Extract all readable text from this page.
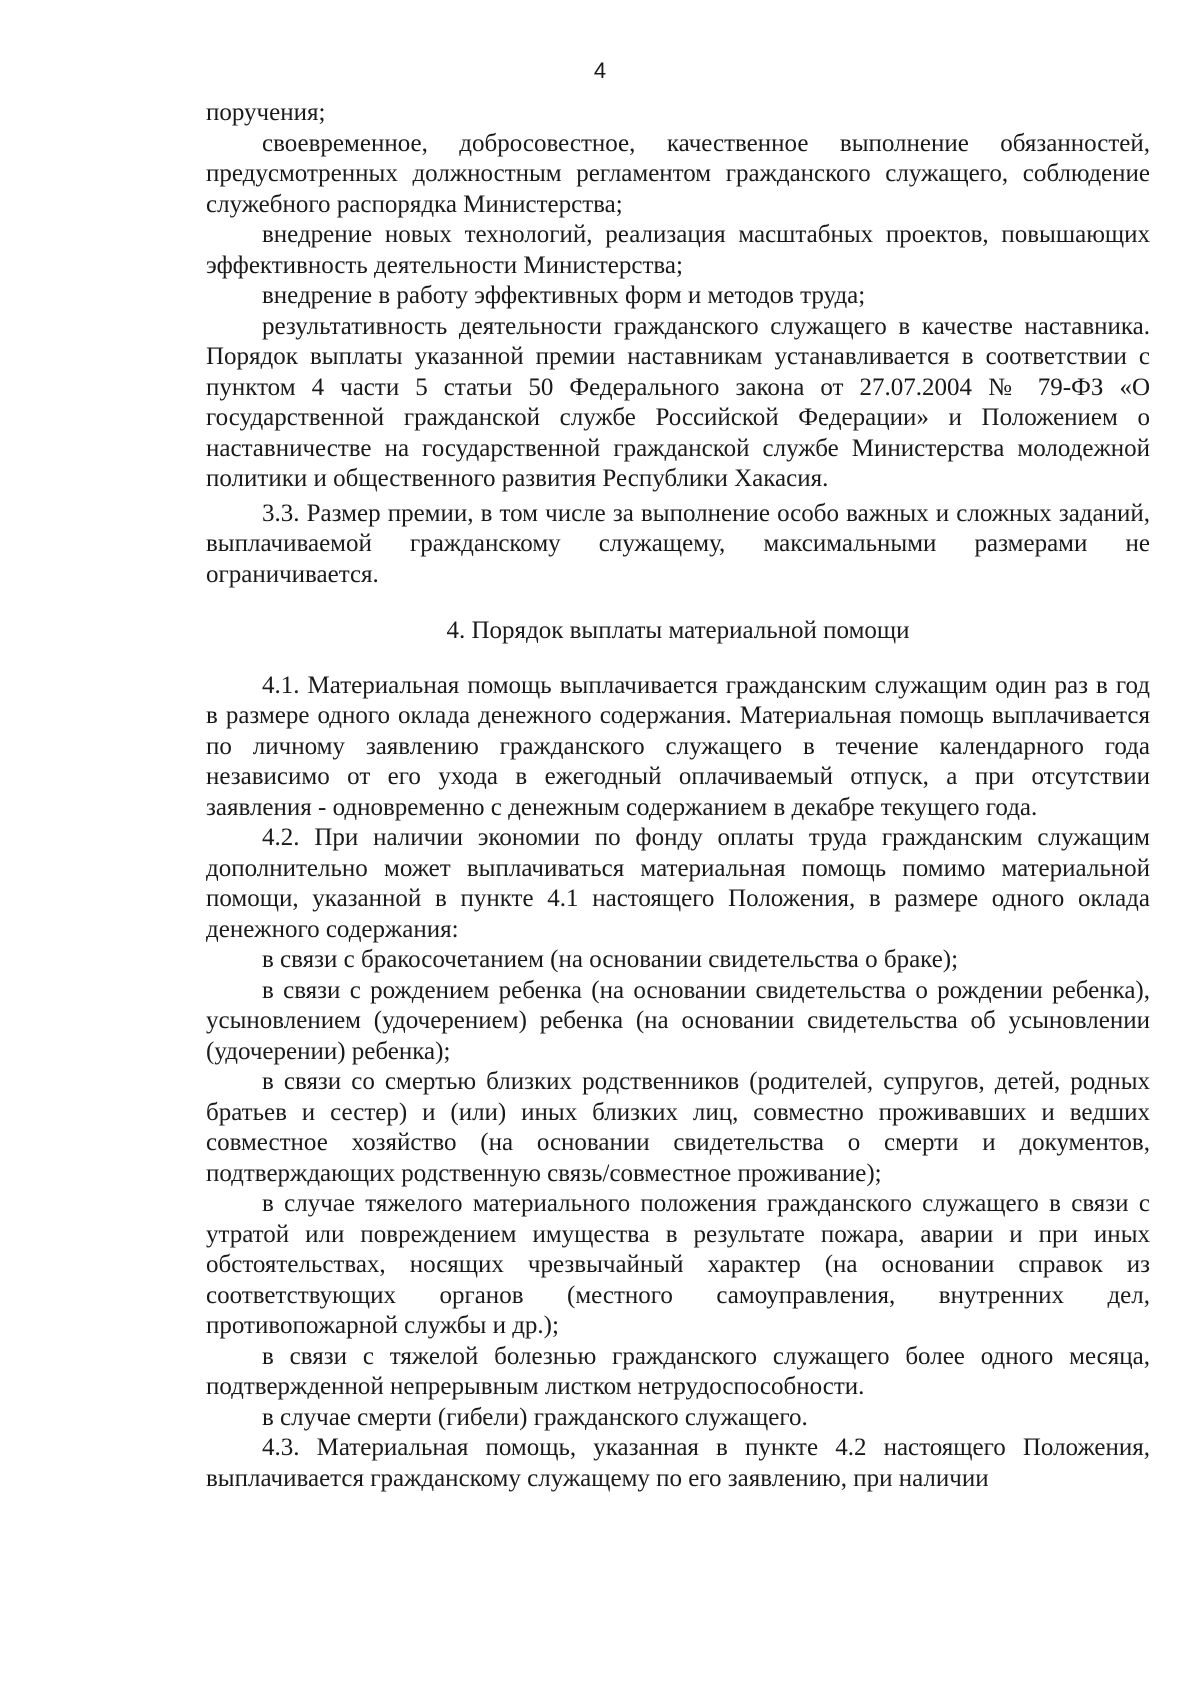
4

поручения;

своевременное, добросовестное, качественное выполнение обязанностей, предусмотренных должностным регламентом гражданского служащего, соблюдение служебного распорядка Министерства;

внедрение новых технологий, реализация масштабных проектов, повышающих эффективность деятельности Министерства;

внедрение в работу эффективных форм и методов труда;

результативность деятельности гражданского служащего в качестве наставника. Порядок выплаты указанной премии наставникам устанавливается в соответствии с пунктом 4 части 5 статьи 50 Федерального закона от 27.07.2004 № 79-ФЗ «О государственной гражданской службе Российской Федерации» и Положением о наставничестве на государственной гражданской службе Министерства молодежной политики и общественного развития Республики Хакасия.

3.3. Размер премии, в том числе за выполнение особо важных и сложных заданий, выплачиваемой гражданскому служащему, максимальными размерами не ограничивается.

4. Порядок выплаты материальной помощи

4.1. Материальная помощь выплачивается гражданским служащим один раз в год в размере одного оклада денежного содержания. Материальная помощь выплачивается по личному заявлению гражданского служащего в течение календарного года независимо от его ухода в ежегодный оплачиваемый отпуск, а при отсутствии заявления - одновременно с денежным содержанием в декабре текущего года.

4.2. При наличии экономии по фонду оплаты труда гражданским служащим дополнительно может выплачиваться материальная помощь помимо материальной помощи, указанной в пункте 4.1 настоящего Положения, в размере одного оклада денежного содержания:

в связи с бракосочетанием (на основании свидетельства о браке);

в связи с рождением ребенка (на основании свидетельства о рождении ребенка), усыновлением (удочерением) ребенка (на основании свидетельства об усыновлении (удочерении) ребенка);

в связи со смертью близких родственников (родителей, супругов, детей, родных братьев и сестер) и (или) иных близких лиц, совместно проживавших и ведших совместное хозяйство (на основании свидетельства о смерти и документов, подтверждающих родственную связь/совместное проживание);

в случае тяжелого материального положения гражданского служащего в связи с утратой или повреждением имущества в результате пожара, аварии и при иных обстоятельствах, носящих чрезвычайный характер (на основании справок из соответствующих органов (местного самоуправления, внутренних дел, противопожарной службы и др.);

в связи с тяжелой болезнью гражданского служащего более одного месяца, подтвержденной непрерывным листком нетрудоспособности.

в случае смерти (гибели) гражданского служащего.

4.3. Материальная помощь, указанная в пункте 4.2 настоящего Положения, выплачивается гражданскому служащему по его заявлению, при наличии
